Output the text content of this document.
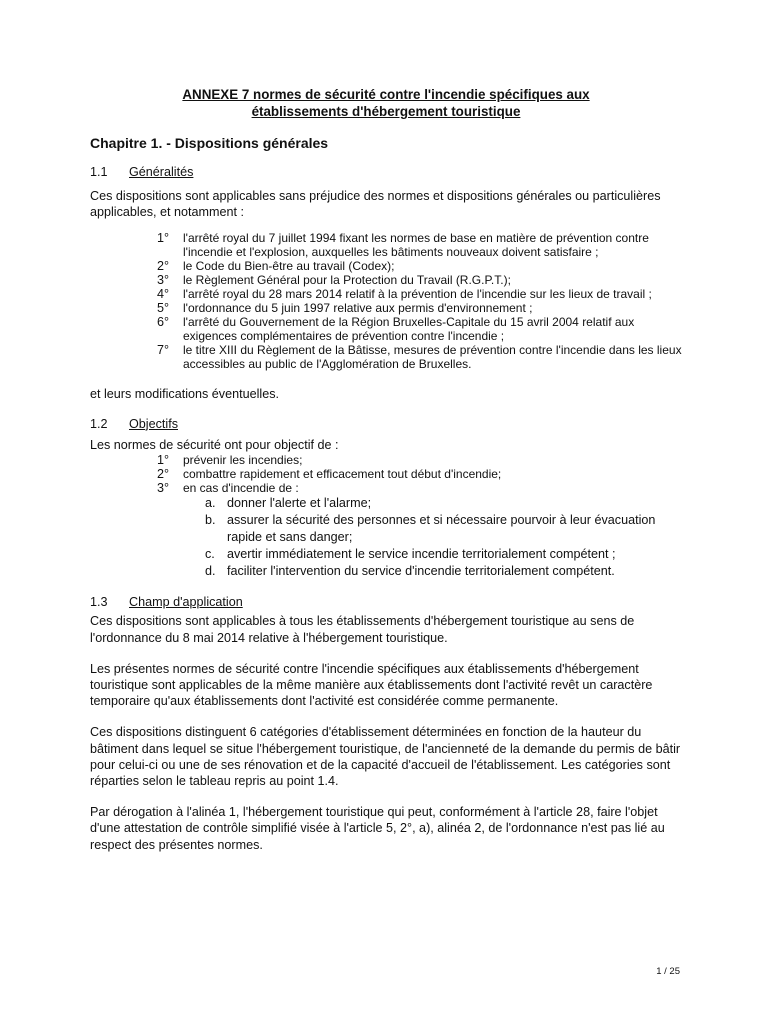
ANNEXE 7 normes de sécurité contre l'incendie spécifiques aux
établissements d'hébergement touristique
Chapitre 1. - Dispositions générales
1.1	Généralités

Ces dispositions sont applicables sans préjudice des normes et dispositions générales ou particulières applicables, et notamment :

1°	l'arrêté royal du 7 juillet 1994 fixant les normes de base en matière de prévention contre l'incendie et l'explosion, auxquelles les bâtiments nouveaux doivent satisfaire ;
2°	le Code du Bien-être au travail (Codex);
3°	le Règlement Général pour la Protection du Travail (R.G.P.T.);
4°	l'arrêté royal du 28 mars 2014 relatif à la prévention de l'incendie sur les lieux de travail ;
5°	l'ordonnance du 5 juin 1997 relative aux permis d'environnement ;
6°	l'arrêté du Gouvernement de la Région Bruxelles-Capitale du 15 avril 2004 relatif aux exigences complémentaires de prévention contre l'incendie ;
7°	le titre XIII du Règlement de la Bâtisse, mesures de prévention contre l'incendie dans les lieux accessibles au public de l'Agglomération de Bruxelles.

et leurs modifications éventuelles.

1.2	Objectifs

Les normes de sécurité ont pour objectif de :

1°	prévenir les incendies;
2°	combattre rapidement et efficacement tout début d'incendie;
3°	en cas d'incendie de :
a. donner l'alerte et l'alarme;
b. assurer la sécurité des personnes et si nécessaire pourvoir à leur évacuation rapide et sans danger;
c. avertir immédiatement le service incendie territorialement compétent ;
d. faciliter l'intervention du service d'incendie territorialement compétent.
1.3	Champ d'application

Ces dispositions sont applicables à tous les établissements d'hébergement touristique au sens de l'ordonnance du 8 mai 2014 relative à l'hébergement touristique.

Les présentes normes de sécurité contre l'incendie spécifiques aux établissements d'hébergement touristique sont applicables de la même manière aux établissements dont l'activité revêt un caractère temporaire qu'aux établissements dont l'activité est considérée comme permanente.

Ces dispositions distinguent 6 catégories d'établissement déterminées en fonction de la hauteur du bâtiment dans lequel se situe l'hébergement touristique, de l'ancienneté de la demande du permis de bâtir pour celui-ci ou une de ses rénovation et de la capacité d'accueil de l'établissement. Les catégories sont réparties selon le tableau repris au point 1.4.

Par dérogation à l'alinéa 1, l'hébergement touristique qui peut, conformément à l'article 28, faire l'objet d'une attestation de contrôle simplifié visée à l'article 5, 2°, a), alinéa 2, de l'ordonnance n'est pas lié au respect des présentes normes.

1 / 25
